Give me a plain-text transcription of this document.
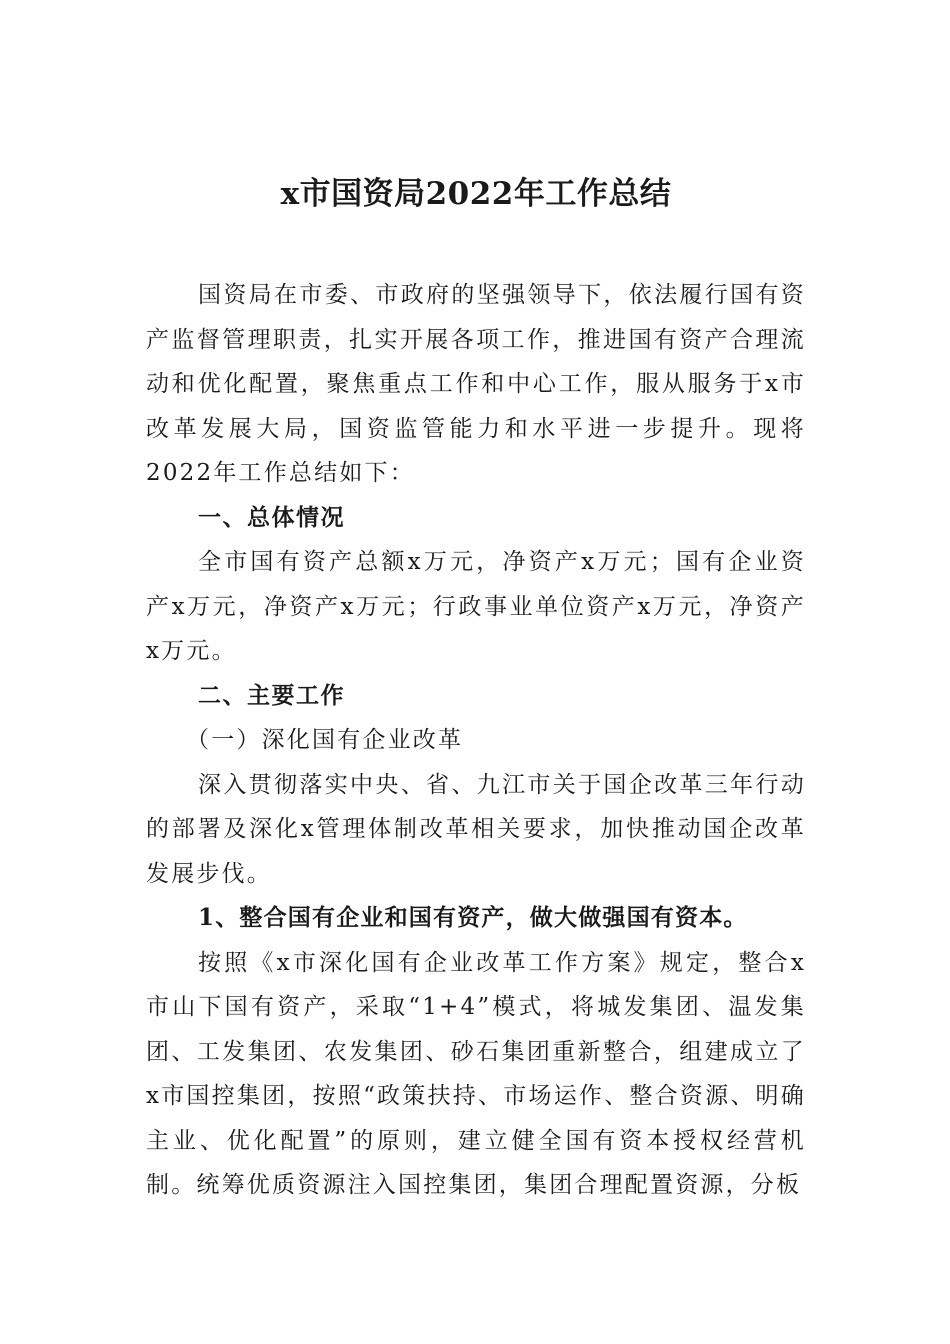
x市国资局2022年工作总结

国资局在市委、市政府的坚强领导下，依法履行国有资产监督管理职责，扎实开展各项工作，推进国有资产合理流动和优化配置，聚焦重点工作和中心工作，服从服务于x市改革发展大局，国资监管能力和水平进一步提升。现将2022年工作总结如下：

一、总体情况

全市国有资产总额x万元，净资产x万元；国有企业资产x万元，净资产x万元；行政事业单位资产x万元，净资产x万元。

二、主要工作

（一）深化国有企业改革

深入贯彻落实中央、省、九江市关于国企改革三年行动的部署及深化x管理体制改革相关要求，加快推动国企改革发展步伐。

1、整合国有企业和国有资产，做大做强国有资本。

按照《x市深化国有企业改革工作方案》规定，整合x市山下国有资产，采取“1+4”模式，将城发集团、温发集团、工发集团、农发集团、砂石集团重新整合，组建成立了x市国控集团，按照“政策扶持、市场运作、整合资源、明确主业、优化配置”的原则，建立健全国有资本授权经营机制。统筹优质资源注入国控集团，集团合理配置资源，分板
